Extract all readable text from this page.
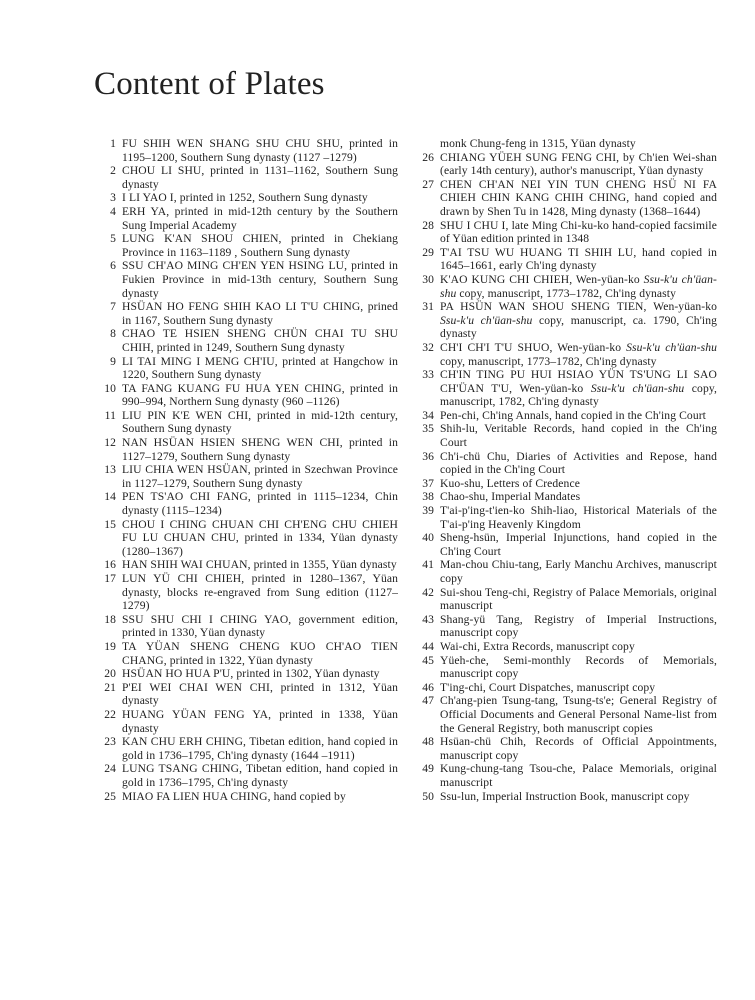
Content of Plates
1 FU SHIH WEN SHANG SHU CHU SHU, printed in 1195–1200, Southern Sung dynasty (1127 –1279)
2 CHOU LI SHU, printed in 1131–1162, Southern Sung dynasty
3 I LI YAO I, printed in 1252, Southern Sung dynasty
4 ERH YA, printed in mid-12th century by the Southern Sung Imperial Academy
5 LUNG K'AN SHOU CHIEN, printed in Chekiang Province in 1163–1189 , Southern Sung dynasty
6 SSU CH'AO MING CH'EN YEN HSING LU, printed in Fukien Province in mid-13th century, Southern Sung dynasty
7 HSÜAN HO FENG SHIH KAO LI T'U CHING, prined in 1167, Southern Sung dynasty
8 CHAO TE HSIEN SHENG CHÜN CHAI TU SHU CHIH, printed in 1249, Southern Sung dynasty
9 LI TAI MING I MENG CH'IU, printed at Hangchow in 1220, Southern Sung dynasty
10 TA FANG KUANG FU HUA YEN CHING, printed in 990–994, Northern Sung dynasty (960 –1126)
11 LIU PIN K'E WEN CHI, printed in mid-12th century, Southern Sung dynasty
12 NAN HSÜAN HSIEN SHENG WEN CHI, printed in 1127–1279, Southern Sung dynasty
13 LIU CHIA WEN HSÜAN, printed in Szechwan Province in 1127–1279, Southern Sung dynasty
14 PEN TS'AO CHI FANG, printed in 1115–1234, Chin dynasty (1115–1234)
15 CHOU I CHING CHUAN CHI CH'ENG CHU CHIEH FU LU CHUAN CHU, printed in 1334, Yüan dynasty (1280–1367)
16 HAN SHIH WAI CHUAN, printed in 1355, Yüan dynasty
17 LUN YÜ CHI CHIEH, printed in 1280–1367, Yüan dynasty, blocks re-engraved from Sung edition (1127–1279)
18 SSU SHU CHI I CHING YAO, government edition, printed in 1330, Yüan dynasty
19 TA YÜAN SHENG CHENG KUO CH'AO TIEN CHANG, printed in 1322, Yüan dynasty
20 HSÜAN HO HUA P'U, printed in 1302, Yüan dynasty
21 P'EI WEI CHAI WEN CHI, printed in 1312, Yüan dynasty
22 HUANG YÜAN FENG YA, printed in 1338, Yüan dynasty
23 KAN CHU ERH CHING, Tibetan edition, hand copied in gold in 1736–1795, Ch'ing dynasty (1644 –1911)
24 LUNG TSANG CHING, Tibetan edition, hand copied in gold in 1736–1795, Ch'ing dynasty
25 MIAO FA LIEN HUA CHING, hand copied by
monk Chung-feng in 1315, Yüan dynasty
26 CHIANG YÜEH SUNG FENG CHI, by Ch'ien Wei-shan (early 14th century), author's manuscript, Yüan dynasty
27 CHEN CH'AN NEI YIN TUN CHENG HSÜ NI FA CHIEH CHIN KANG CHIH CHING, hand copied and drawn by Shen Tu in 1428, Ming dynasty (1368–1644)
28 SHU I CHU I, late Ming Chi-ku-ko hand-copied facsimile of Yüan edition printed in 1348
29 T'AI TSU WU HUANG TI SHIH LU, hand copied in 1645–1661, early Ch'ing dynasty
30 K'AO KUNG CHI CHIEH, Wen-yüan-ko Ssu-k'u ch'üan-shu copy, manuscript, 1773–1782, Ch'ing dynasty
31 PA HSÜN WAN SHOU SHENG TIEN, Wen-yüan-ko Ssu-k'u ch'üan-shu copy, manuscript, ca. 1790, Ch'ing dynasty
32 CH'I CH'I T'U SHUO, Wen-yüan-ko Ssu-k'u ch'üan-shu copy, manuscript, 1773–1782, Ch'ing dynasty
33 CH'IN TING PU HUI HSIAO YÜN TS'UNG LI SAO CH'ÜAN T'U, Wen-yüan-ko Ssu-k'u ch'üan-shu copy, manuscript, 1782, Ch'ing dynasty
34 Pen-chi, Ch'ing Annals, hand copied in the Ch'ing Court
35 Shih-lu, Veritable Records, hand copied in the Ch'ing Court
36 Ch'i-chü Chu, Diaries of Activities and Repose, hand copied in the Ch'ing Court
37 Kuo-shu, Letters of Credence
38 Chao-shu, Imperial Mandates
39 T'ai-p'ing-t'ien-ko Shih-liao, Historical Materials of the T'ai-p'ing Heavenly Kingdom
40 Sheng-hsün, Imperial Injunctions, hand copied in the Ch'ing Court
41 Man-chou Chiu-tang, Early Manchu Archives, manuscript copy
42 Sui-shou Teng-chi, Registry of Palace Memorials, original manuscript
43 Shang-yü Tang, Registry of Imperial Instructions, manuscript copy
44 Wai-chi, Extra Records, manuscript copy
45 Yüeh-che, Semi-monthly Records of Memorials, manuscript copy
46 T'ing-chi, Court Dispatches, manuscript copy
47 Ch'ang-pien Tsung-tang, Tsung-ts'e; General Registry of Official Documents and General Personal Name-list from the General Registry, both manuscript copies
48 Hsüan-chü Chih, Records of Official Appointments, manuscript copy
49 Kung-chung-tang Tsou-che, Palace Memorials, original manuscript
50 Ssu-lun, Imperial Instruction Book, manuscript copy
